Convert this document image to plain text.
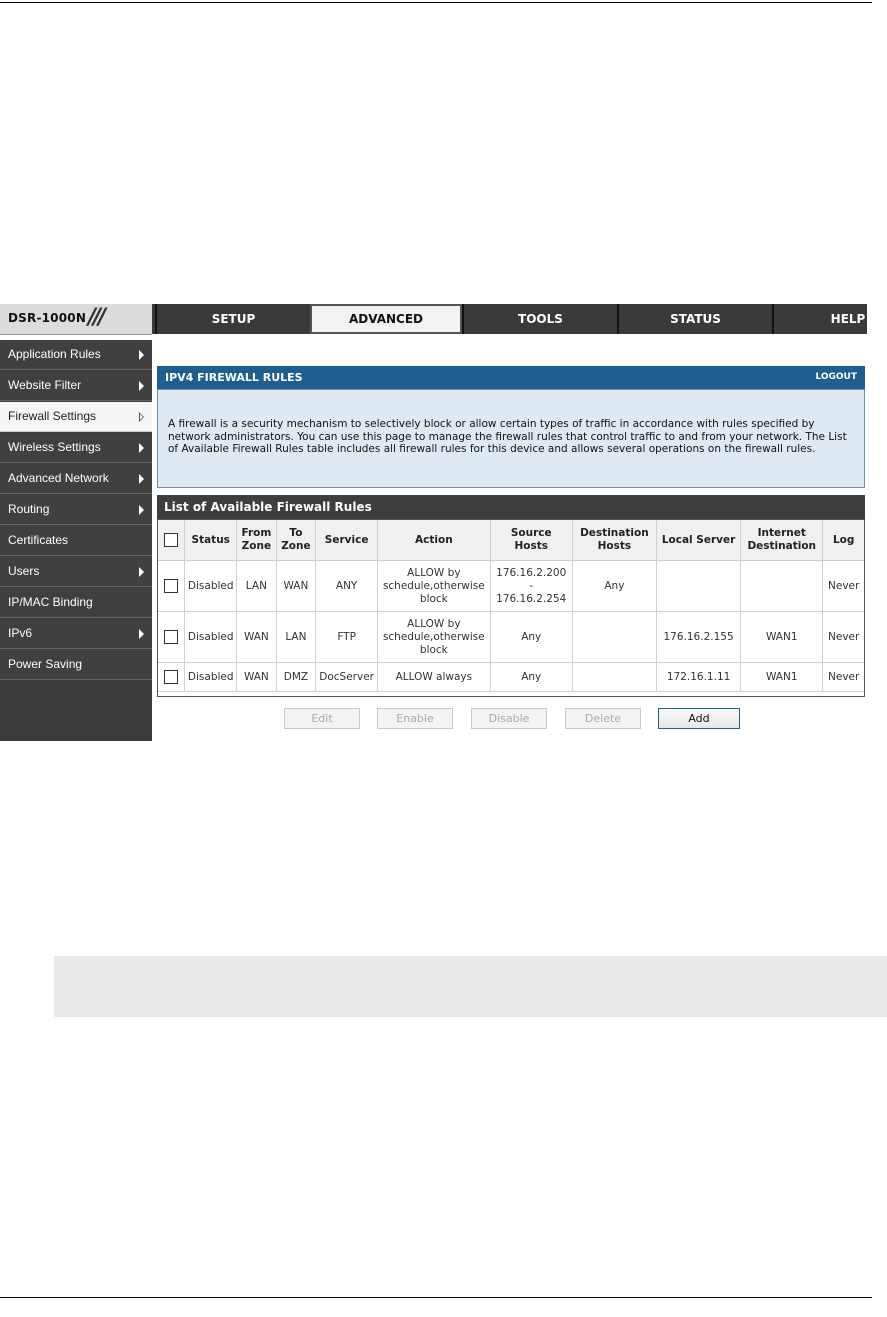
DSR-1000N ///	SETUP	ADVANCED	TOOLS	STATUS	HELP
Application Rules
Website Filter
Firewall Settings
Wireless Settings
Advanced Network
Routing
Certificates
Users
IP/MAC Binding
IPv6
Power Saving
IPV4 FIREWALL RULES	LOGOUT
A firewall is a security mechanism to selectively block or allow certain types of traffic in accordance with rules specified by network administrators. You can use this page to manage the firewall rules that control traffic to and from your network. The List of Available Firewall Rules table includes all firewall rules for this device and allows several operations on the firewall rules.
List of Available Firewall Rules
	Status	From Zone	To Zone	Service	Action	Source Hosts	Destination Hosts	Local Server	Internet Destination	Log
	Disabled	LAN	WAN	ANY	ALLOW by schedule,otherwise block	176.16.2.200
-
176.16.2.254	Any			Never
	Disabled	WAN	LAN	FTP	ALLOW by schedule,otherwise block	Any		176.16.2.155	WAN1	Never
	Disabled	WAN	DMZ	DocServer	ALLOW always	Any		172.16.1.11	WAN1	Never
Edit	Enable	Disable	Delete	Add
